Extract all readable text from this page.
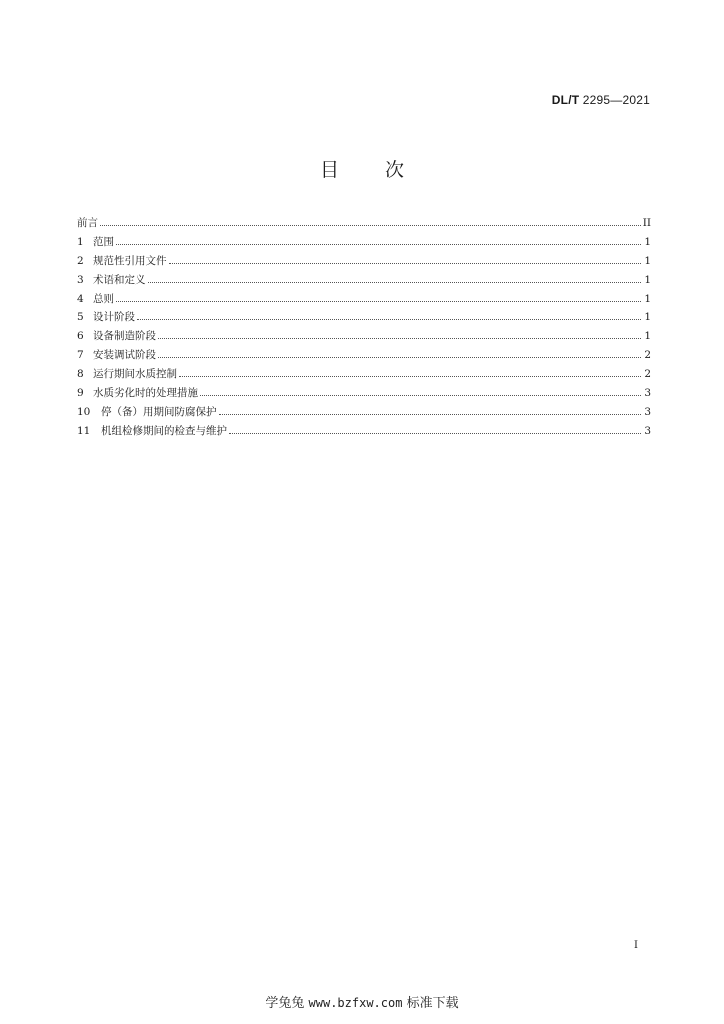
DL/T 2295—2021
目次
前言	II
1 范围	1
2 规范性引用文件	1
3 术语和定义	1
4 总则	1
5 设计阶段	1
6 设备制造阶段	1
7 安装调试阶段	2
8 运行期间水质控制	2
9 水质劣化时的处理措施	3
10	停（备）用期间防腐保护	3
11	机组检修期间的检查与维护	3
I
学兔兔 www.bzfxw.com 标准下载
